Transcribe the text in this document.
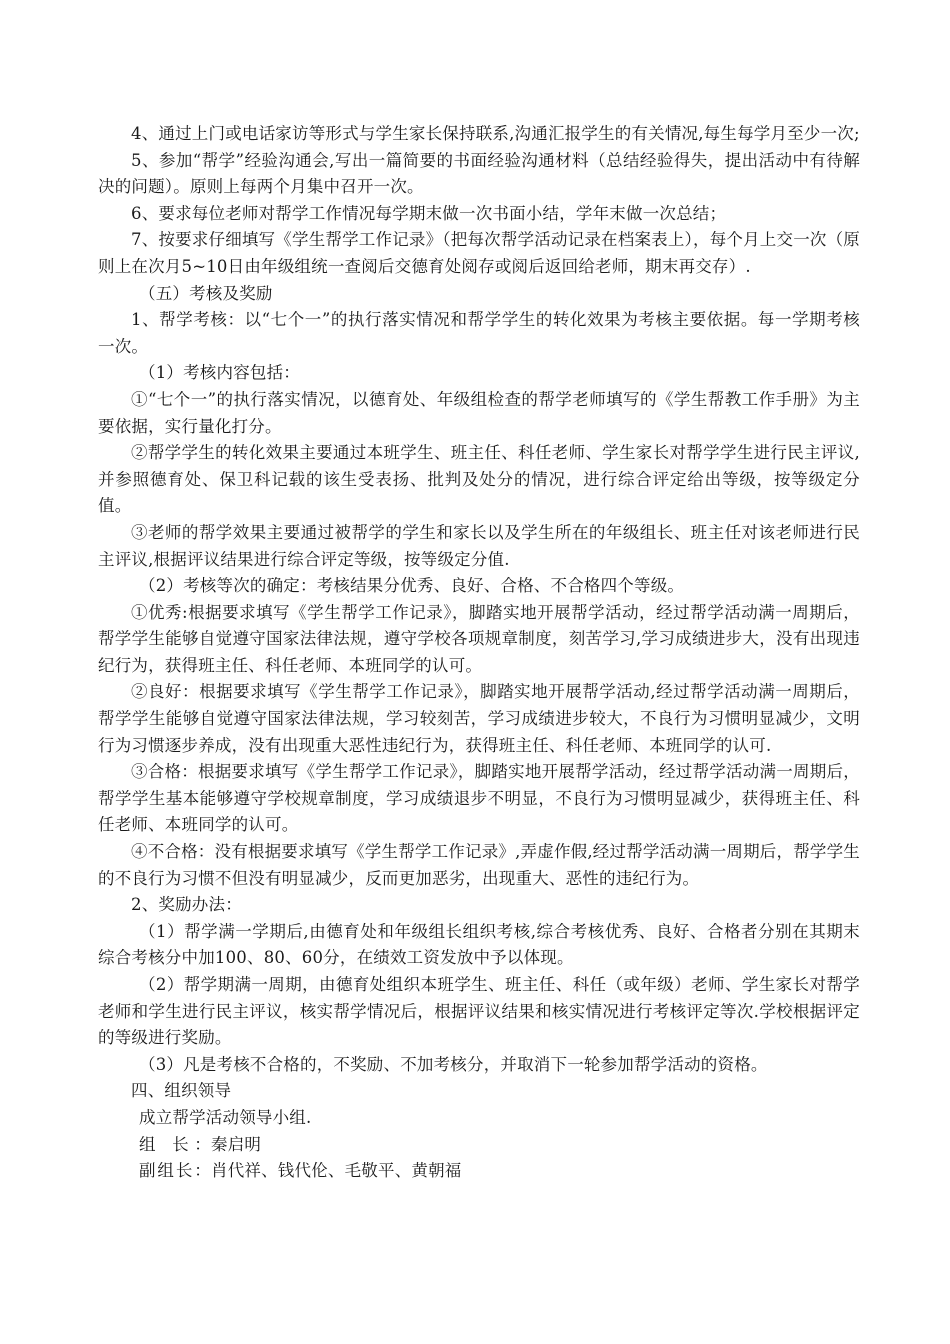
4、通过上门或电话家访等形式与学生家长保持联系,沟通汇报学生的有关情况,每生每学月至少一次;

5、参加“帮学”经验沟通会,写出一篇简要的书面经验沟通材料（总结经验得失，提出活动中有待解决的问题）。原则上每两个月集中召开一次。

6、要求每位老师对帮学工作情况每学期末做一次书面小结，学年末做一次总结；

7、按要求仔细填写《学生帮学工作记录》（把每次帮学活动记录在档案表上），每个月上交一次（原则上在次月5~10日由年级组统一查阅后交德育处阅存或阅后返回给老师，期末再交存）.

（五）考核及奖励

1、帮学考核：以“七个一”的执行落实情况和帮学学生的转化效果为考核主要依据。每一学期考核一次。

（1）考核内容包括：

①“七个一”的执行落实情况，以德育处、年级组检查的帮学老师填写的《学生帮教工作手册》为主要依据，实行量化打分。

②帮学学生的转化效果主要通过本班学生、班主任、科任老师、学生家长对帮学学生进行民主评议,并参照德育处、保卫科记载的该生受表扬、批判及处分的情况，进行综合评定给出等级，按等级定分值。

③老师的帮学效果主要通过被帮学的学生和家长以及学生所在的年级组长、班主任对该老师进行民主评议,根据评议结果进行综合评定等级，按等级定分值.

（2）考核等次的确定：考核结果分优秀、良好、合格、不合格四个等级。

①优秀:根据要求填写《学生帮学工作记录》，脚踏实地开展帮学活动，经过帮学活动满一周期后，帮学学生能够自觉遵守国家法律法规，遵守学校各项规章制度，刻苦学习,学习成绩进步大，没有出现违纪行为，获得班主任、科任老师、本班同学的认可。

②良好：根据要求填写《学生帮学工作记录》，脚踏实地开展帮学活动,经过帮学活动满一周期后，帮学学生能够自觉遵守国家法律法规，学习较刻苦，学习成绩进步较大，不良行为习惯明显减少，文明行为习惯逐步养成，没有出现重大恶性违纪行为，获得班主任、科任老师、本班同学的认可.

③合格：根据要求填写《学生帮学工作记录》，脚踏实地开展帮学活动，经过帮学活动满一周期后，帮学学生基本能够遵守学校规章制度，学习成绩退步不明显，不良行为习惯明显减少，获得班主任、科任老师、本班同学的认可。

④不合格：没有根据要求填写《学生帮学工作记录》,弄虚作假,经过帮学活动满一周期后，帮学学生的不良行为习惯不但没有明显减少，反而更加恶劣，出现重大、恶性的违纪行为。

2、奖励办法：

（1）帮学满一学期后,由德育处和年级组长组织考核,综合考核优秀、良好、合格者分别在其期末综合考核分中加100、80、60分，在绩效工资发放中予以体现。

（2）帮学期满一周期，由德育处组织本班学生、班主任、科任（或年级）老师、学生家长对帮学老师和学生进行民主评议，核实帮学情况后，根据评议结果和核实情况进行考核评定等次.学校根据评定的等级进行奖励。

（3）凡是考核不合格的，不奖励、不加考核分，并取消下一轮参加帮学活动的资格。

四、组织领导

成立帮学活动领导小组.

组 长：秦启明

副组长：肖代祥、钱代伦、毛敬平、黄朝福
